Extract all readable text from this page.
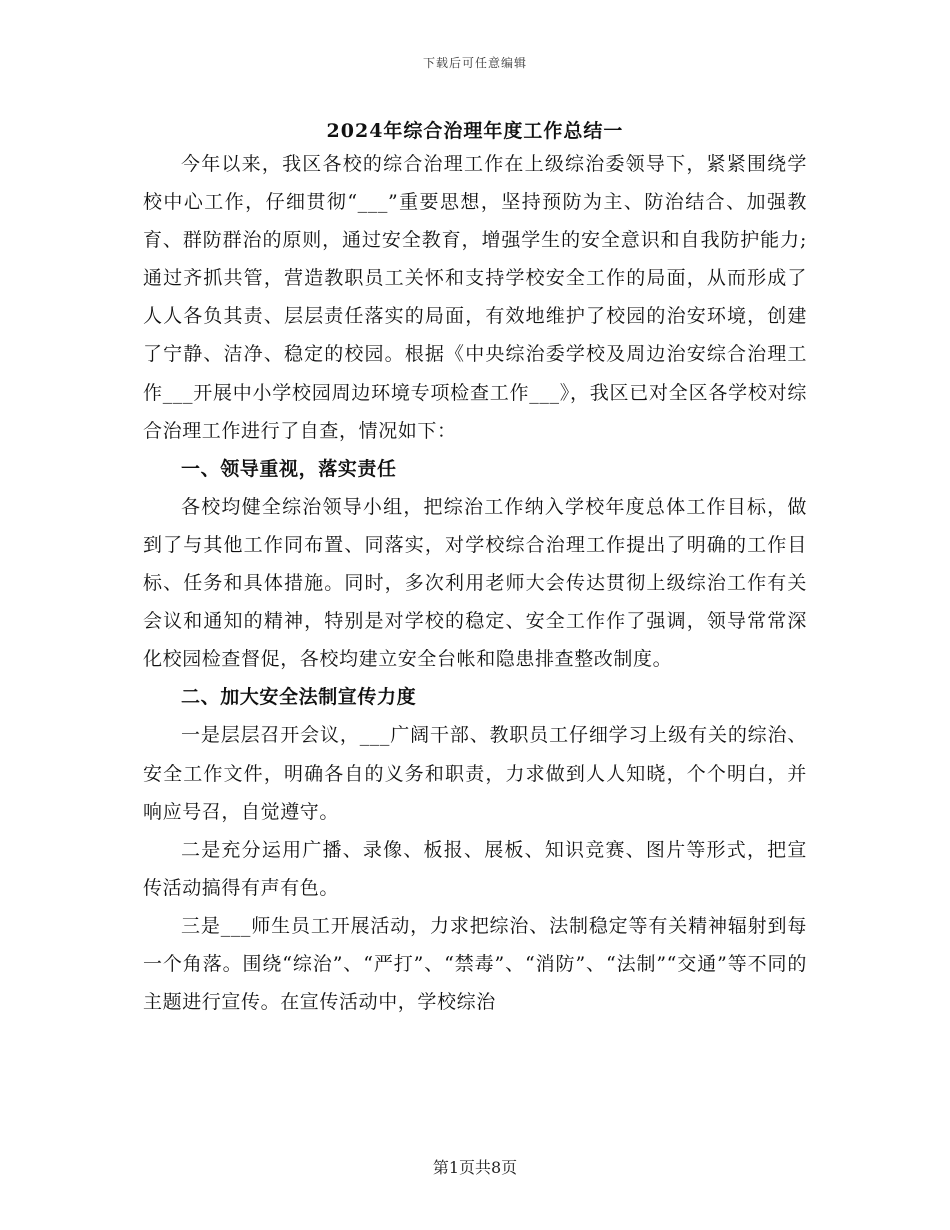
下载后可任意编辑
2024年综合治理年度工作总结一

今年以来，我区各校的综合治理工作在上级综治委领导下，紧紧围绕学校中心工作，仔细贯彻“___”重要思想，坚持预防为主、防治结合、加强教育、群防群治的原则，通过安全教育，增强学生的安全意识和自我防护能力;通过齐抓共管，营造教职员工关怀和支持学校安全工作的局面，从而形成了人人各负其责、层层责任落实的局面，有效地维护了校园的治安环境，创建了宁静、洁净、稳定的校园。根据《中央综治委学校及周边治安综合治理工作___开展中小学校园周边环境专项检查工作___》，我区已对全区各学校对综合治理工作进行了自查，情况如下：

一、领导重视，落实责任

各校均健全综治领导小组，把综治工作纳入学校年度总体工作目标，做到了与其他工作同布置、同落实，对学校综合治理工作提出了明确的工作目标、任务和具体措施。同时，多次利用老师大会传达贯彻上级综治工作有关会议和通知的精神，特别是对学校的稳定、安全工作作了强调，领导常常深化校园检查督促，各校均建立安全台帐和隐患排查整改制度。

二、加大安全法制宣传力度

一是层层召开会议，___广阔干部、教职员工仔细学习上级有关的综治、安全工作文件，明确各自的义务和职责，力求做到人人知晓，个个明白，并响应号召，自觉遵守。

二是充分运用广播、录像、板报、展板、知识竞赛、图片等形式，把宣传活动搞得有声有色。

三是___师生员工开展活动，力求把综治、法制稳定等有关精神辐射到每一个角落。围绕“综治”、“严打”、“禁毒”、“消防”、“法制”“交通”等不同的主题进行宣传。在宣传活动中，学校综治

第1页共8页
